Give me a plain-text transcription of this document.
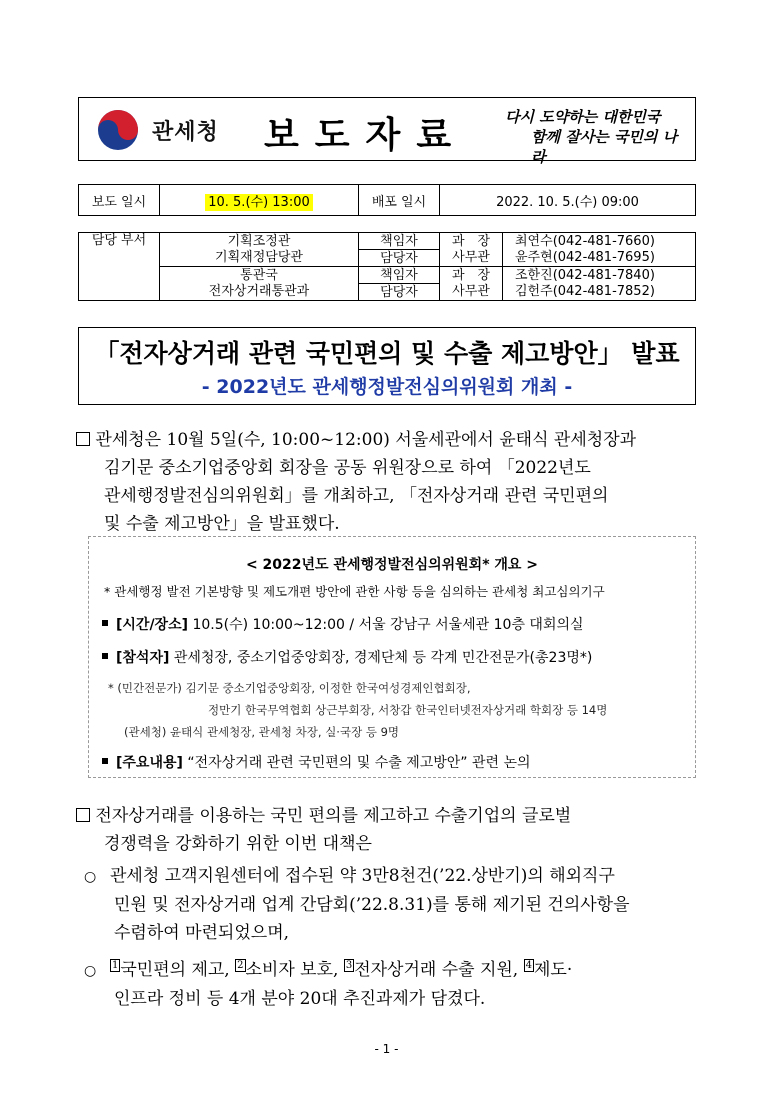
관세청 보도자료	다시 도약하는 대한민국
함께 잘사는 국민의 나라
보도 일시	10. 5.(수) 13:00	배포 일시	2022. 10. 5.(수) 09:00
담당 부서	기획조정관	책임자	과　장	최연수(042-481-7660)
	기획재정담당관	담당자	사무관	윤주현(042-481-7695)
	통관국	책임자	과　장	조한진(042-481-7840)
	전자상거래통관과	담당자	사무관	김헌주(042-481-7852)
「전자상거래 관련 국민편의 및 수출 제고방안」 발표
- 2022년도 관세행정발전심의위원회 개최 -
관세청은 10월 5일(수, 10:00~12:00) 서울세관에서 윤태식 관세청장과
김기문 중소기업중앙회 회장을 공동 위원장으로 하여 「2022년도
관세행정발전심의위원회」를 개최하고, 「전자상거래 관련 국민편의
및 수출 제고방안」을 발표했다.
< 2022년도 관세행정발전심의위원회* 개요 >
* 관세행정 발전 기본방향 및 제도개편 방안에 관한 사항 등을 심의하는 관세청 최고심의기구
[시간/장소] 10.5(수) 10:00~12:00 / 서울 강남구 서울세관 10층 대회의실
[참석자] 관세청장, 중소기업중앙회장, 경제단체 등 각계 민간전문가(총23명*)
* (민간전문가) 김기문 중소기업중앙회장, 이정한 한국여성경제인협회장,
정만기 한국무역협회 상근부회장, 서창갑 한국인터넷전자상거래 학회장 등 14명
(관세청) 윤태식 관세청장, 관세청 차장, 실·국장 등 9명
[주요내용] “전자상거래 관련 국민편의 및 수출 제고방안” 관련 논의
전자상거래를 이용하는 국민 편의를 제고하고 수출기업의 글로벌
경쟁력을 강화하기 위한 이번 대책은
○ 관세청 고객지원센터에 접수된 약 3만8천건(’22.상반기)의 해외직구
민원 및 전자상거래 업계 간담회(’22.8.31)를 통해 제기된 건의사항을
수렴하여 마련되었으며,
○ $^1$ 국민편의 제고, $^2$ 소비자 보호, $^3$ 전자상거래 수출 지원, $^4$ 제도·
인프라 정비 등 4개 분야 20대 추진과제가 담겼다.
- 1 -
